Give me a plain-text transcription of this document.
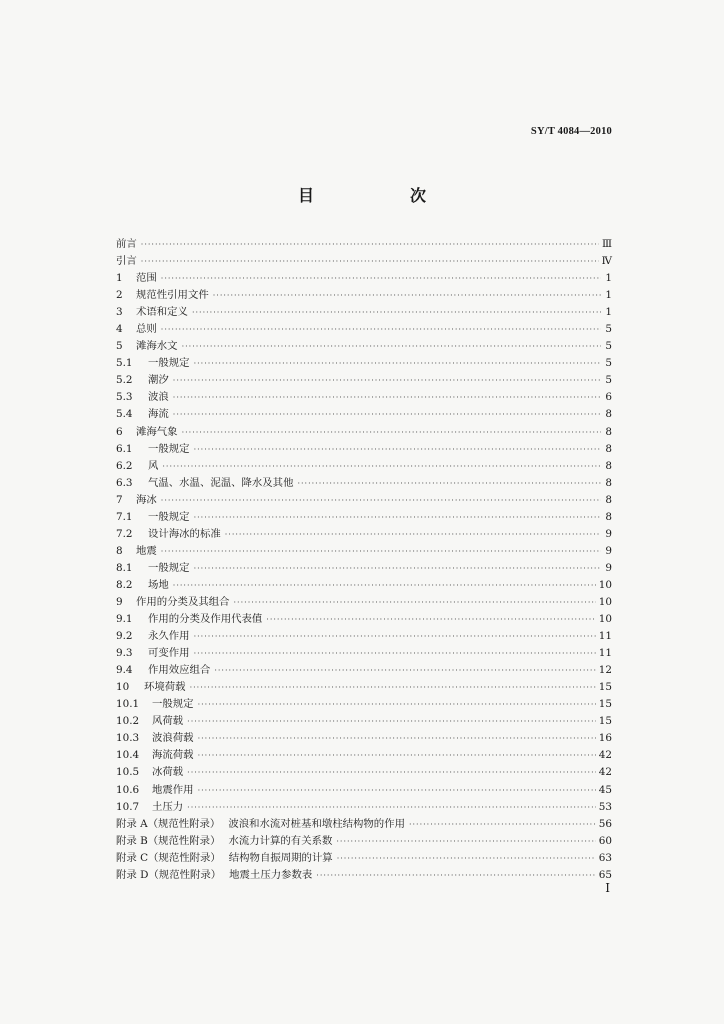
SY/T 4084—2010
目　次
前言 ·····	Ⅲ
引言 ·····	Ⅳ
1	范围 ·····	1
2	规范性引用文件 ·····	1
3	术语和定义 ·····	1
4	总则 ·····	5
5	滩海水文 ·····	5
5.1	一般规定 ·····	5
5.2	潮汐 ·····	5
5.3	波浪 ·····	6
5.4	海流 ·····	8
6	滩海气象 ·····	8
6.1	一般规定 ·····	8
6.2	风 ·····	8
6.3	气温、水温、泥温、降水及其他 ·····	8
7	海冰 ·····	8
7.1	一般规定 ·····	8
7.2	设计海冰的标准 ·····	9
8	地震 ·····	9
8.1	一般规定 ·····	9
8.2	场地 ·····	10
9	作用的分类及其组合 ·····	10
9.1	作用的分类及作用代表值 ·····	10
9.2	永久作用 ·····	11
9.3	可变作用 ·····	11
9.4	作用效应组合 ·····	12
10	环境荷载 ·····	15
10.1	一般规定 ·····	15
10.2	风荷载 ·····	15
10.3	波浪荷载 ·····	16
10.4	海流荷载 ·····	42
10.5	冰荷载 ·····	42
10.6	地震作用 ·····	45
10.7	土压力 ·····	53
附录 A（规范性附录） 波浪和水流对桩基和墩柱结构物的作用 ·····	56
附录 B（规范性附录） 水流力计算的有关系数 ·····	60
附录 C（规范性附录） 结构物自振周期的计算 ·····	63
附录 D（规范性附录） 地震土压力参数表 ·····	65
Ⅰ
